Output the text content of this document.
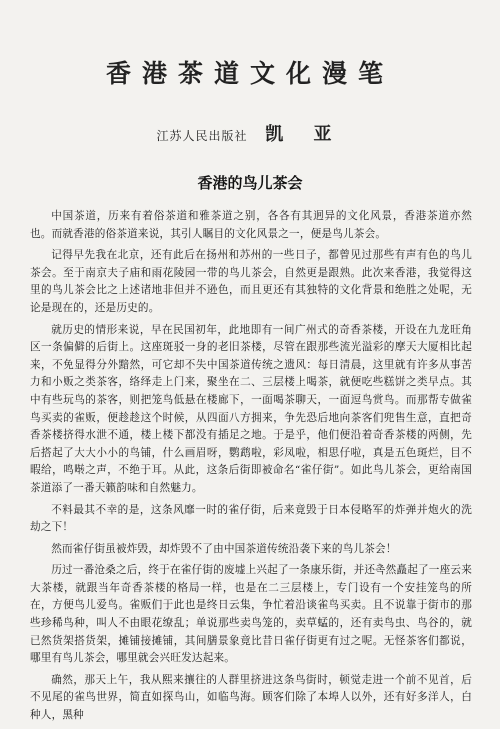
香港茶道文化漫笔
江苏人民出版社 凯 亚
香港的鸟儿茶会

中国茶道，历来有着俗茶道和雅茶道之别，各各有其迥异的文化风景，香港茶道亦然也。而就香港的俗茶道来说，其引人瞩目的文化风景之一，便是鸟儿茶会。

记得早先我在北京，还有此后在扬州和苏州的一些日子，都曾见过那些有声有色的鸟儿茶会。至于南京夫子庙和雨花陵园一带的鸟儿茶会，自然更是跟熟。此次来香港，我觉得这里的鸟儿茶会比之上述诸地非但并不逊色，而且更还有其独特的文化背景和绝胜之处呢，无论是现在的，还是历史的。

就历史的情形来说，早在民国初年，此地即有一间广州式的奇香茶楼，开设在九龙旺角区一条偏僻的后街上。这座斑驳一身的老旧茶楼，尽管在跟那些流光溢彩的摩天大厦相比起来，不免显得分外黯然，可它却不失中国茶道传统之遗风：每日清晨，这里就有许多从事苦力和小贩之类茶客，络绎走上门来，聚坐在二、三层楼上喝茶，就便吃些糕饼之类早点。其中有些玩鸟的茶客，则把笼鸟低悬在楼廊下，一面喝茶聊天，一面逗鸟赏鸟。而那帮专做雀鸟买卖的雀贩，便趁趁这个时候，从四面八方拥来，争先恐后地向茶客们兜售生意，直把奇香茶楼挤得水泄不通，楼上楼下都没有插足之地。于是乎，他们便沿着奇香茶楼的两侧，先后搭起了大大小小的鸟铺，什么画眉呀，鹦鹉啦，彩凤啦，相思仔啦，真是五色斑烂，目不暇给，鸣啭之声，不绝于耳。从此，这条后街即被命名“雀仔街”。如此鸟儿茶会，更给南国茶道添了一番天籁韵味和自然魅力。

不料最其不幸的是，这条风靡一时的雀仔街，后来竟毁于日本侵略军的炸弹并炮火的洗劫之下！

然而雀仔街虽被炸毁，却炸毁不了由中国茶道传统沿袭下来的鸟儿茶会！

历过一番沧桑之后，终于在雀仔街的废墟上兴起了一条康乐街，并还촉然矗起了一座云来大茶楼，就跟当年奇香茶楼的格局一样，也是在二三层楼上，专门设有一个安挂笼鸟的所在，方便鸟儿爱鸟。雀贩们于此也是终日云集，争忙着沿谈雀鸟买卖。且不说靠于街市的那些珍稀鸟种，叫人不由眼花缭乱；单说那些卖鸟笼的，卖草蜢的，还有卖鸟虫、鸟谷的，就已然货架搭货架，摊铺接摊铺，其间膳景象竟比昔日雀仔街更有过之呢。无怪茶客们都说，哪里有鸟儿茶会，哪里就会兴旺发达起来。

确然，那天上午，我从熙来攘往的人群里挤进这条鸟街时，顿觉走进一个前不见首，后不见尾的雀鸟世界，简直如探鸟山，如临鸟海。顾客们除了本埠人以外，还有好多洋人，白种人，黑种
